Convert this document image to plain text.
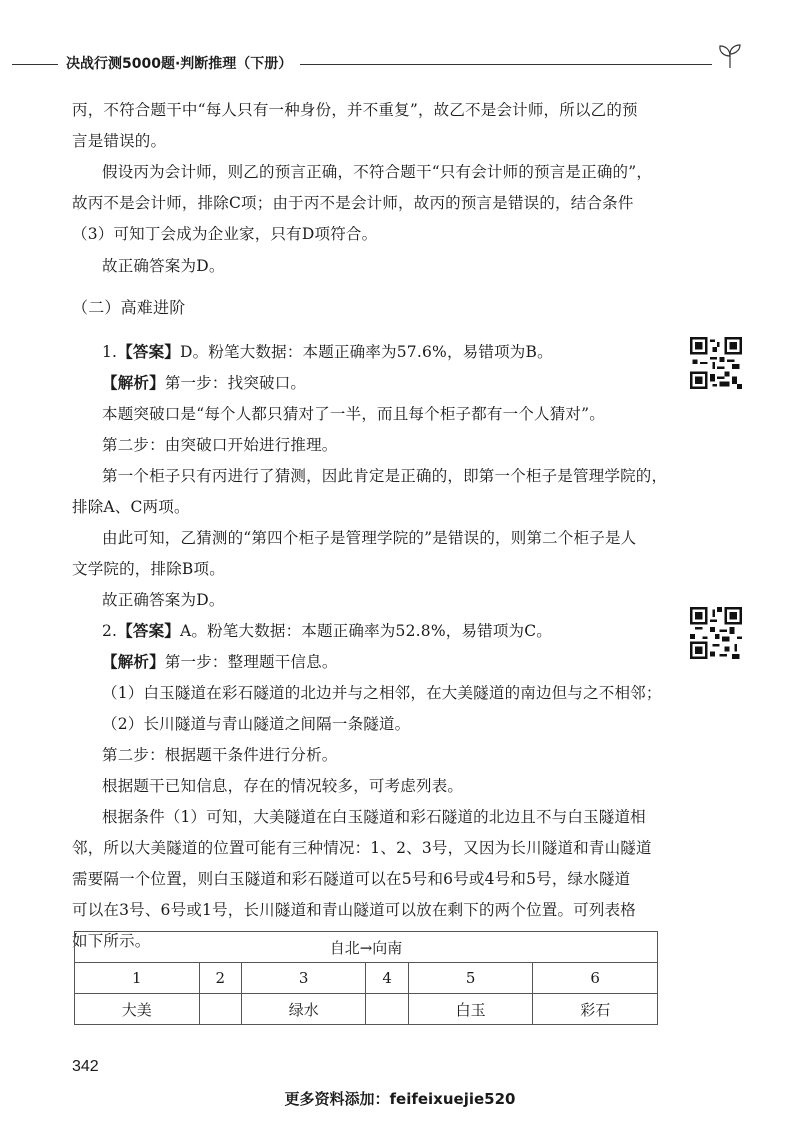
决战行测5000题·判断推理（下册）
丙，不符合题干中“每人只有一种身份，并不重复”，故乙不是会计师，所以乙的预
言是错误的。
假设丙为会计师，则乙的预言正确，不符合题干“只有会计师的预言是正确的”，
故丙不是会计师，排除C项；由于丙不是会计师，故丙的预言是错误的，结合条件
（3）可知丁会成为企业家，只有D项符合。
故正确答案为D。
（二）高难进阶
1.【答案】D。粉笔大数据：本题正确率为57.6%，易错项为B。
【解析】第一步：找突破口。
本题突破口是“每个人都只猜对了一半，而且每个柜子都有一个人猜对”。
第二步：由突破口开始进行推理。
第一个柜子只有丙进行了猜测，因此肯定是正确的，即第一个柜子是管理学院的，
排除A、C两项。
由此可知，乙猜测的“第四个柜子是管理学院的”是错误的，则第二个柜子是人
文学院的，排除B项。
故正确答案为D。
2.【答案】A。粉笔大数据：本题正确率为52.8%，易错项为C。
【解析】第一步：整理题干信息。
（1）白玉隧道在彩石隧道的北边并与之相邻，在大美隧道的南边但与之不相邻；
（2）长川隧道与青山隧道之间隔一条隧道。
第二步：根据题干条件进行分析。
根据题干已知信息，存在的情况较多，可考虑列表。
根据条件（1）可知，大美隧道在白玉隧道和彩石隧道的北边且不与白玉隧道相
邻，所以大美隧道的位置可能有三种情况：1、2、3号，又因为长川隧道和青山隧道
需要隔一个位置，则白玉隧道和彩石隧道可以在5号和6号或4号和5号，绿水隧道
可以在3号、6号或1号，长川隧道和青山隧道可以放在剩下的两个位置。可列表格
如下所示。	自北→向南					
1	2	3	4	5	6
大美		绿水		白玉	彩石
342
更多资料添加：feifeixuejie520
